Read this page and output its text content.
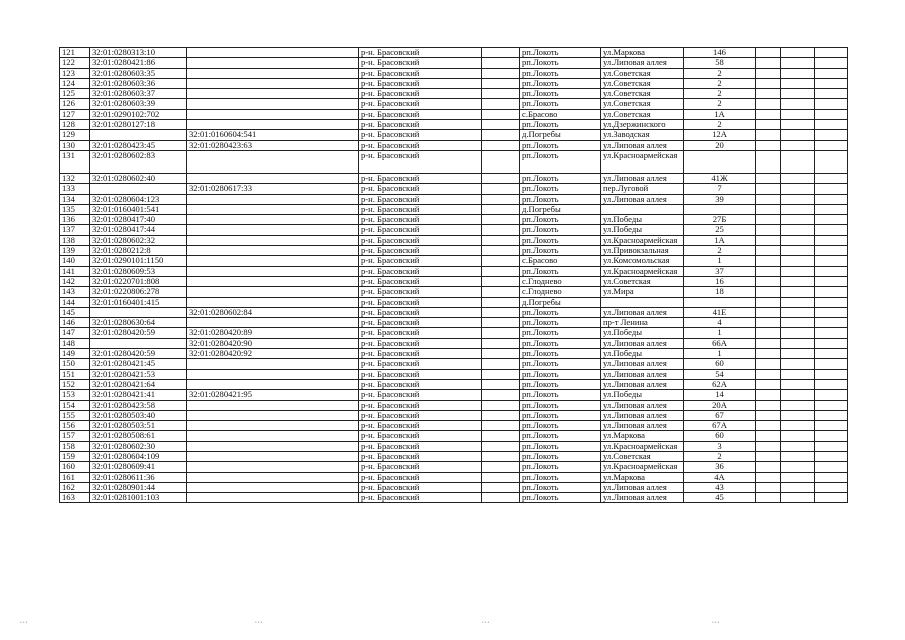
121	32:01:0280313:10		р-н. Брасовский		рп.Локоть	ул.Маркова	146				
122	32:01:0280421:86		р-н. Брасовский		рп.Локоть	ул.Липовая аллея	58				
123	32:01:0280603:35		р-н. Брасовский		рп.Локоть	ул.Советская	2				
124	32:01:0280603:36		р-н. Брасовский		рп.Локоть	ул.Советская	2				
125	32:01:0280603:37		р-н. Брасовский		рп.Локоть	ул.Советская	2				
126	32:01:0280603:39		р-н. Брасовский		рп.Локоть	ул.Советская	2				
127	32:01:0290102:702		р-н. Брасовский		с.Брасово	ул.Советская	1А				
128	32:01:0280127:18		р-н. Брасовский		рп.Локоть	ул.Дзержинского	2				
129		32:01:0160604:541	р-н. Брасовский		д.Погребы	ул.Заводская	12А				
130	32:01:0280423:45	32:01:0280423:63	р-н. Брасовский		рп.Локоть	ул.Липовая аллея	20				
131	32:01:0280602:83		р-н. Брасовский		рп.Локоть	ул.Красноармейская					
132	32:01:0280602:40		р-н. Брасовский		рп.Локоть	ул.Липовая аллея	41Ж				
133		32:01:0280617:33	р-н. Брасовский		рп.Локоть	пер.Луговой	7				
134	32:01:0280604:123		р-н. Брасовский		рп.Локоть	ул.Липовая аллея	39				
135	32:01:0160401:541		р-н. Брасовский		д.Погребы						
136	32:01:0280417:40		р-н. Брасовский		рп.Локоть	ул.Победы	27Б				
137	32:01:0280417:44		р-н. Брасовский		рп.Локоть	ул.Победы	25				
138	32:01:0280602:32		р-н. Брасовский		рп.Локоть	ул.Красноармейская	1А				
139	32:01:0280212:8		р-н. Брасовский		рп.Локоть	ул.Привокзальная	2				
140	32:01:0290101:1150		р-н. Брасовский		с.Брасово	ул.Комсомольская	1				
141	32:01:0280609:53		р-н. Брасовский		рп.Локоть	ул.Красноармейская	37				
142	32:01:0220701:808		р-н. Брасовский		с.Глоднево	ул.Советская	16				
143	32:01:0220806:278		р-н. Брасовский		с.Глоднево	ул.Мира	18				
144	32:01:0160401:415		р-н. Брасовский		д.Погребы						
145		32:01:0280602:84	р-н. Брасовский		рп.Локоть	ул.Липовая аллея	41Е				
146	32:01:0280630:64		р-н. Брасовский		рп.Локоть	пр-т Ленина	4				
147	32:01:0280420:59	32:01:0280420:89	р-н. Брасовский		рп.Локоть	ул.Победы	1				
148		32:01:0280420:90	р-н. Брасовский		рп.Локоть	ул.Липовая аллея	66А				
149	32:01:0280420:59	32:01:0280420:92	р-н. Брасовский		рп.Локоть	ул.Победы	1				
150	32:01:0280421:45		р-н. Брасовский		рп.Локоть	ул.Липовая аллея	60				
151	32:01:0280421:53		р-н. Брасовский		рп.Локоть	ул.Липовая аллея	54				
152	32:01:0280421:64		р-н. Брасовский		рп.Локоть	ул.Липовая аллея	62А				
153	32:01:0280421:41	32:01:0280421:95	р-н. Брасовский		рп.Локоть	ул.Победы	14				
154	32:01:0280423:58		р-н. Брасовский		рп.Локоть	ул.Липовая аллея	20А				
155	32:01:0280503:40		р-н. Брасовский		рп.Локоть	ул.Липовая аллея	67				
156	32:01:0280503:51		р-н. Брасовский		рп.Локоть	ул.Липовая аллея	67А				
157	32:01:0280508:61		р-н. Брасовский		рп.Локоть	ул.Маркова	60				
158	32:01:0280602:30		р-н. Брасовский		рп.Локоть	ул.Красноармейская	3				
159	32:01:0280604:109		р-н. Брасовский		рп.Локоть	ул.Советская	2				
160	32:01:0280609:41		р-н. Брасовский		рп.Локоть	ул.Красноармейская	36				
161	32:01:0280611:36		р-н. Брасовский		рп.Локоть	ул.Маркова	4А				
162	32:01:0280901:44		р-н. Брасовский		рп.Локоть	ул.Липовая аллея	43				
163	32:01:0281001:103		р-н. Брасовский		рп.Локоть	ул.Липовая аллея	45				
•••	•••	•••	•••
